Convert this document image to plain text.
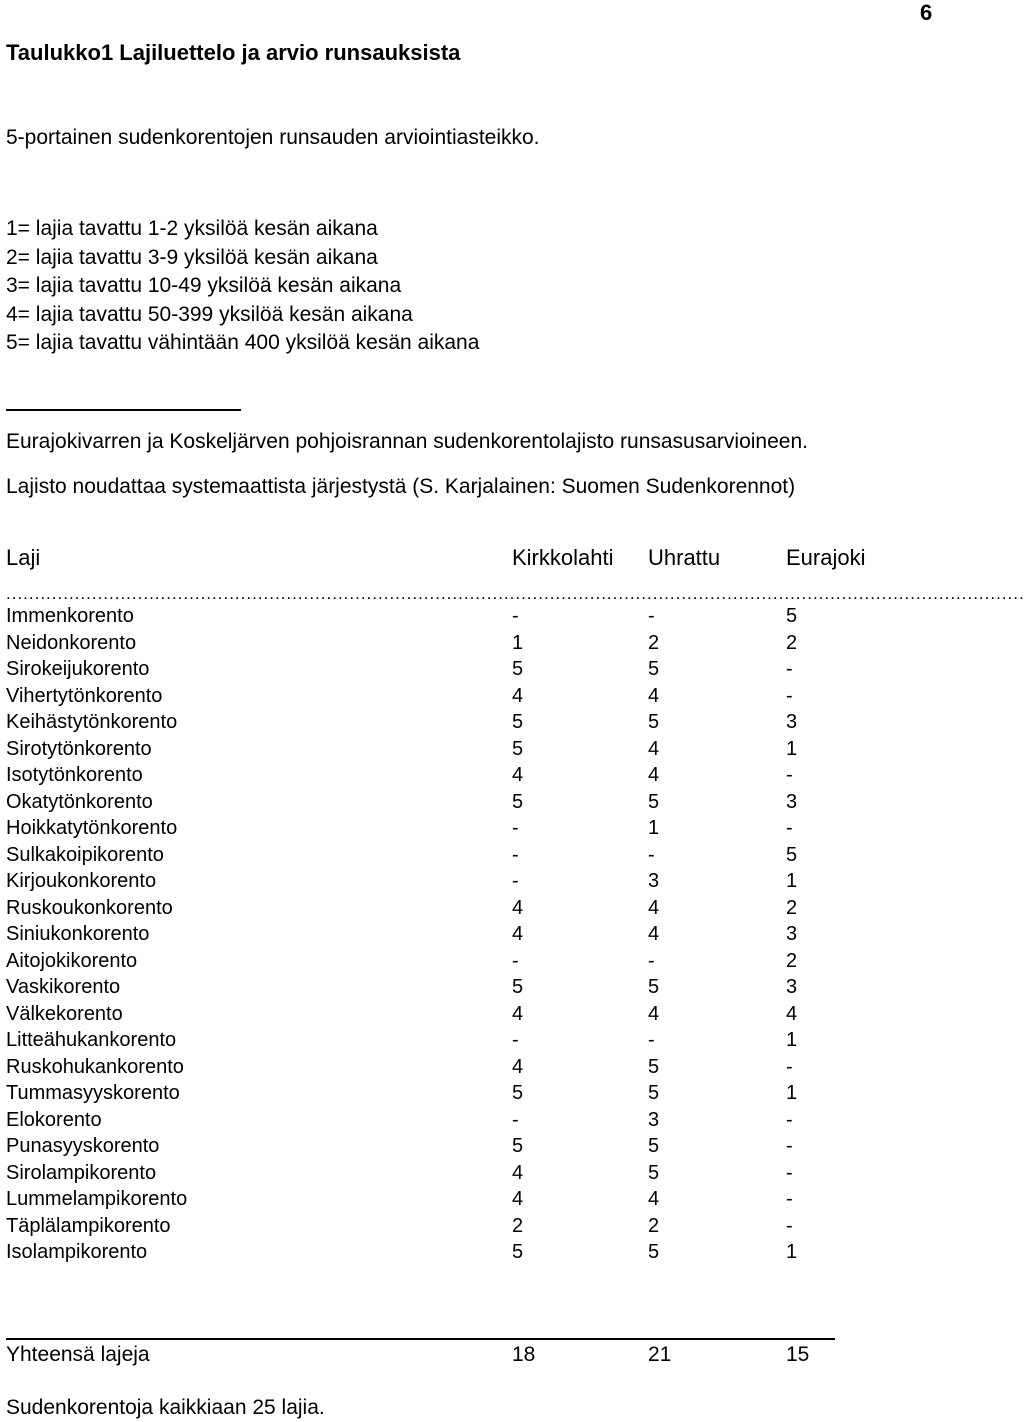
6
Taulukko1 Lajiluettelo ja arvio runsauksista
5-portainen sudenkorentojen runsauden arviointiasteikko.
1= lajia tavattu 1-2 yksilöä kesän aikana
2= lajia tavattu 3-9 yksilöä kesän aikana
3= lajia tavattu 10-49 yksilöä kesän aikana
4= lajia tavattu 50-399 yksilöä kesän aikana
5= lajia tavattu vähintään 400 yksilöä kesän aikana
Eurajokivarren ja Koskeljärven pohjoisrannan sudenkorentolajisto runsasusarvioineen.
Lajisto noudattaa systemaattista järjestystä (S. Karjalainen: Suomen Sudenkorennot)
Laji	Kirkkolahti Uhrattu	Eurajoki
..................................................................................................................................................................................
Immenkorento	-	-	5
Neidonkorento	1	2	2
Sirokeijukorento	5	5	-
Vihertytönkorento	4	4	-
Keihästytönkorento	5	5	3
Sirotytönkorento	5	4	1
Isotytönkorento	4	4	-
Okatytönkorento	5	5	3
Hoikkatytönkorento	-	1	-
Sulkakoipikorento	-	-	5
Kirjoukonkorento	-	3	1
Ruskoukonkorento	4	4	2
Siniukonkorento	4	4	3
Aitojokikorento	-	-	2
Vaskikorento	5	5	3
Välkekorento	4	4	4
Litteähukankorento	-	-	1
Ruskohukankorento	4	5	-
Tummasyyskorento	5	5	1
Elokorento	-	3	-
Punasyyskorento	5	5	-
Sirolampikorento	4	5	-
Lummelampikorento	4	4	-
Täplälampikorento	2	2	-
Isolampikorento	5	5	1
Yhteensä lajeja	18	21	15
Sudenkorentoja kaikkiaan 25 lajia.
